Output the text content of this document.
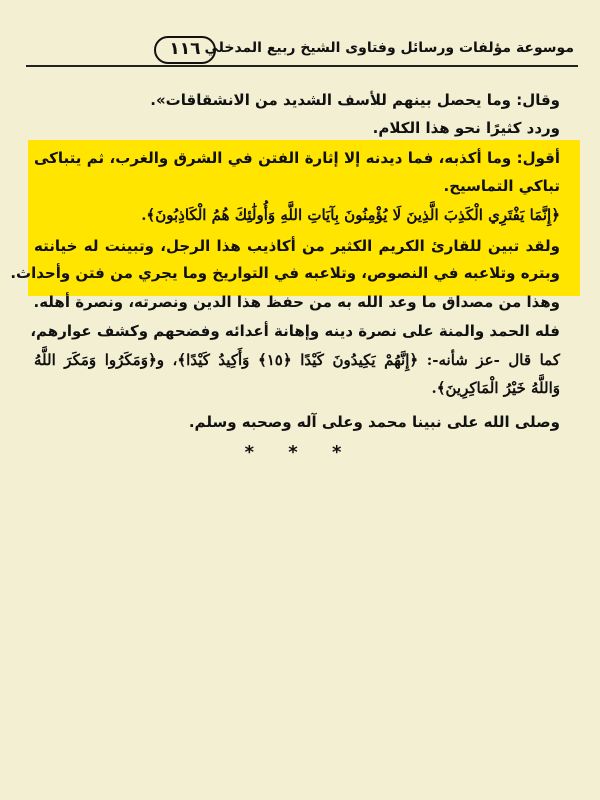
١١٦ موسوعة مؤلفات ورسائل وفتاوى الشيخ ربيع المدخلي
وقال: وما يحصل بينهم للأسف الشديد من الانشقاقات».
وردد كثيرًا نحو هذا الكلام.
أقول: وما أكذبه، فما ديدنه إلا إثارة الفتن في الشرق والغرب، ثم يتباكى
تباكي التماسيح.
﴿إِنَّمَا يَفْتَرِي الْكَذِبَ الَّذِينَ لَا يُؤْمِنُونَ بِآيَاتِ اللَّهِ وَأُولَٰئِكَ هُمُ الْكَاذِبُونَ﴾.
ولقد تبين للقارئ الكريم الكثير من أكاذيب هذا الرجل، وتبينت له خيانته
وبتره وتلاعبه في النصوص، وتلاعبه في التواريخ وما يجري من فتن وأحداث.
وهذا من مصداق ما وعد الله به من حفظ هذا الدين ونصرته، ونصرة أهله.
فله الحمد والمنة على نصرة دينه وإهانة أعدائه وفضحهم وكشف عوارهم،
كما قال -عز شأنه-: ﴿إِنَّهُمْ يَكِيدُونَ كَيْدًا ﴿١٥﴾ وَأَكِيدُ كَيْدًا﴾، و﴿وَمَكَرُوا وَمَكَرَ اللَّهُ
وَاللَّهُ خَيْرُ الْمَاكِرِينَ﴾.
وصلى الله على نبينا محمد وعلى آله وصحبه وسلم.
* * *
